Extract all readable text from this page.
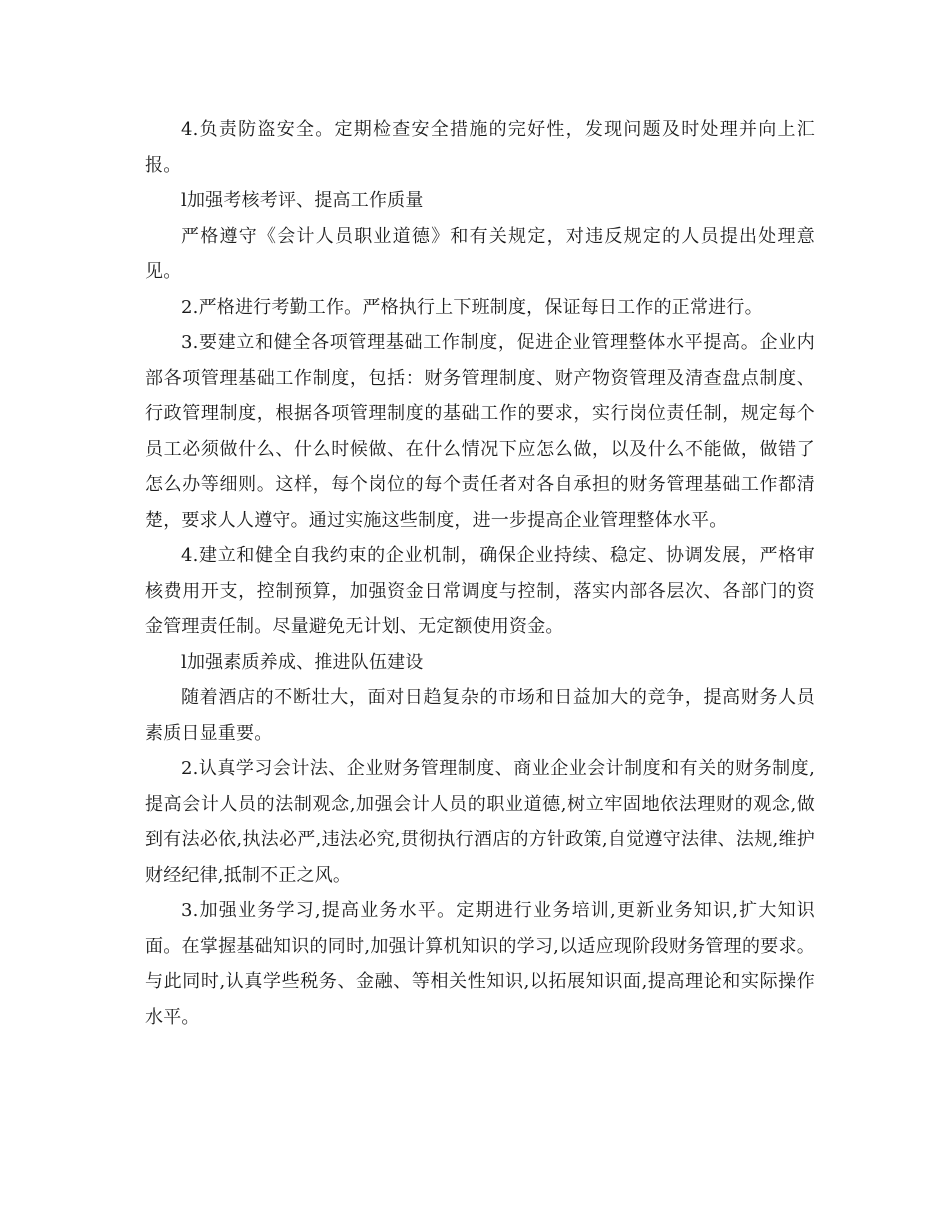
4.负责防盗安全。定期检查安全措施的完好性，发现问题及时处理并向上汇报。

l加强考核考评、提高工作质量

严格遵守《会计人员职业道德》和有关规定，对违反规定的人员提出处理意见。

2.严格进行考勤工作。严格执行上下班制度，保证每日工作的正常进行。

3.要建立和健全各项管理基础工作制度，促进企业管理整体水平提高。企业内部各项管理基础工作制度，包括：财务管理制度、财产物资管理及清查盘点制度、行政管理制度，根据各项管理制度的基础工作的要求，实行岗位责任制，规定每个员工必须做什么、什么时候做、在什么情况下应怎么做，以及什么不能做，做错了怎么办等细则。这样，每个岗位的每个责任者对各自承担的财务管理基础工作都清楚，要求人人遵守。通过实施这些制度，进一步提高企业管理整体水平。

4.建立和健全自我约束的企业机制，确保企业持续、稳定、协调发展，严格审核费用开支，控制预算，加强资金日常调度与控制，落实内部各层次、各部门的资金管理责任制。尽量避免无计划、无定额使用资金。

l加强素质养成、推进队伍建设

随着酒店的不断壮大，面对日趋复杂的市场和日益加大的竞争，提高财务人员素质日显重要。

2.认真学习会计法、企业财务管理制度、商业企业会计制度和有关的财务制度,提高会计人员的法制观念,加强会计人员的职业道德,树立牢固地依法理财的观念,做到有法必依,执法必严,违法必究,贯彻执行酒店的方针政策,自觉遵守法律、法规,维护财经纪律,抵制不正之风。

3.加强业务学习,提高业务水平。定期进行业务培训,更新业务知识,扩大知识面。在掌握基础知识的同时,加强计算机知识的学习,以适应现阶段财务管理的要求。与此同时,认真学些税务、金融、等相关性知识,以拓展知识面,提高理论和实际操作水平。
